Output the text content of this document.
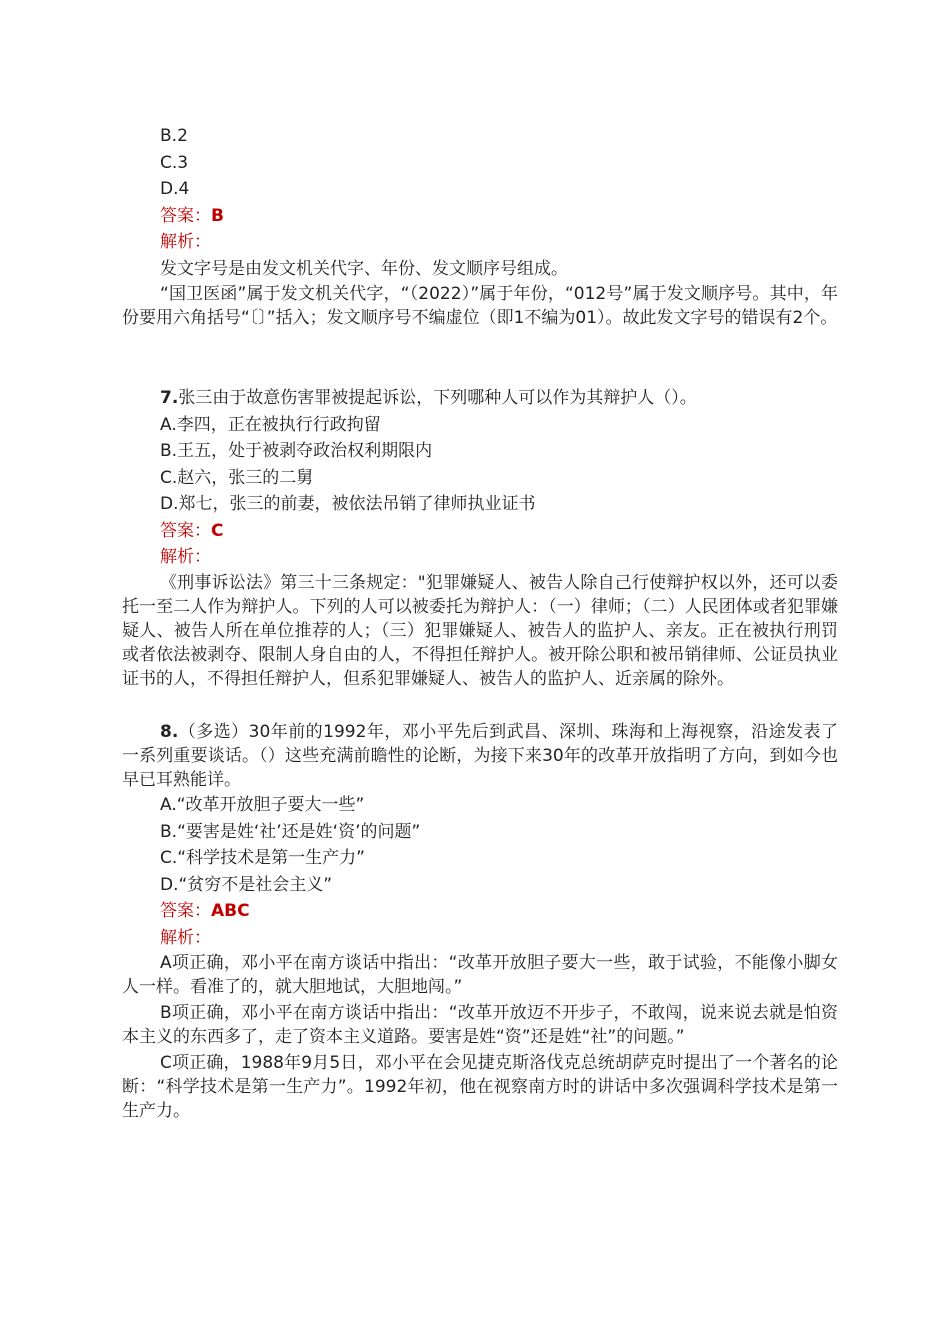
B.2
C.3
D.4
答案：B
解析：
发文字号是由发文机关代字、年份、发文顺序号组成。
“国卫医函”属于发文机关代字，“（2022）”属于年份，“012号”属于发文顺序号。其中，年份要用六角括号“〔〕”括入；发文顺序号不编虚位（即1不编为01）。故此发文字号的错误有2个。
7.张三由于故意伤害罪被提起诉讼，下列哪种人可以作为其辩护人（）。
A.李四，正在被执行行政拘留
B.王五，处于被剥夺政治权利期限内
C.赵六，张三的二舅
D.郑七，张三的前妻，被依法吊销了律师执业证书
答案：C
解析：
《刑事诉讼法》第三十三条规定："犯罪嫌疑人、被告人除自己行使辩护权以外，还可以委托一至二人作为辩护人。下列的人可以被委托为辩护人：（一）律师；（二）人民团体或者犯罪嫌疑人、被告人所在单位推荐的人；（三）犯罪嫌疑人、被告人的监护人、亲友。正在被执行刑罚或者依法被剥夺、限制人身自由的人，不得担任辩护人。被开除公职和被吊销律师、公证员执业证书的人，不得担任辩护人，但系犯罪嫌疑人、被告人的监护人、近亲属的除外。
8.（多选）30年前的1992年，邓小平先后到武昌、深圳、珠海和上海视察，沿途发表了一系列重要谈话。（）这些充满前瞻性的论断，为接下来30年的改革开放指明了方向，到如今也早已耳熟能详。
A.“改革开放胆子要大一些”
B.“要害是姓‘社’还是姓‘资’的问题”
C.“科学技术是第一生产力”
D.“贫穷不是社会主义”
答案：ABC
解析：
A项正确，邓小平在南方谈话中指出：“改革开放胆子要大一些，敢于试验，不能像小脚女人一样。看准了的，就大胆地试，大胆地闯。”
B项正确，邓小平在南方谈话中指出：“改革开放迈不开步子，不敢闯，说来说去就是怕资本主义的东西多了，走了资本主义道路。要害是姓“资”还是姓“社”的问题。”
C项正确，1988年9月5日，邓小平在会见捷克斯洛伐克总统胡萨克时提出了一个著名的论断：“科学技术是第一生产力”。1992年初，他在视察南方时的讲话中多次强调科学技术是第一生产力。
